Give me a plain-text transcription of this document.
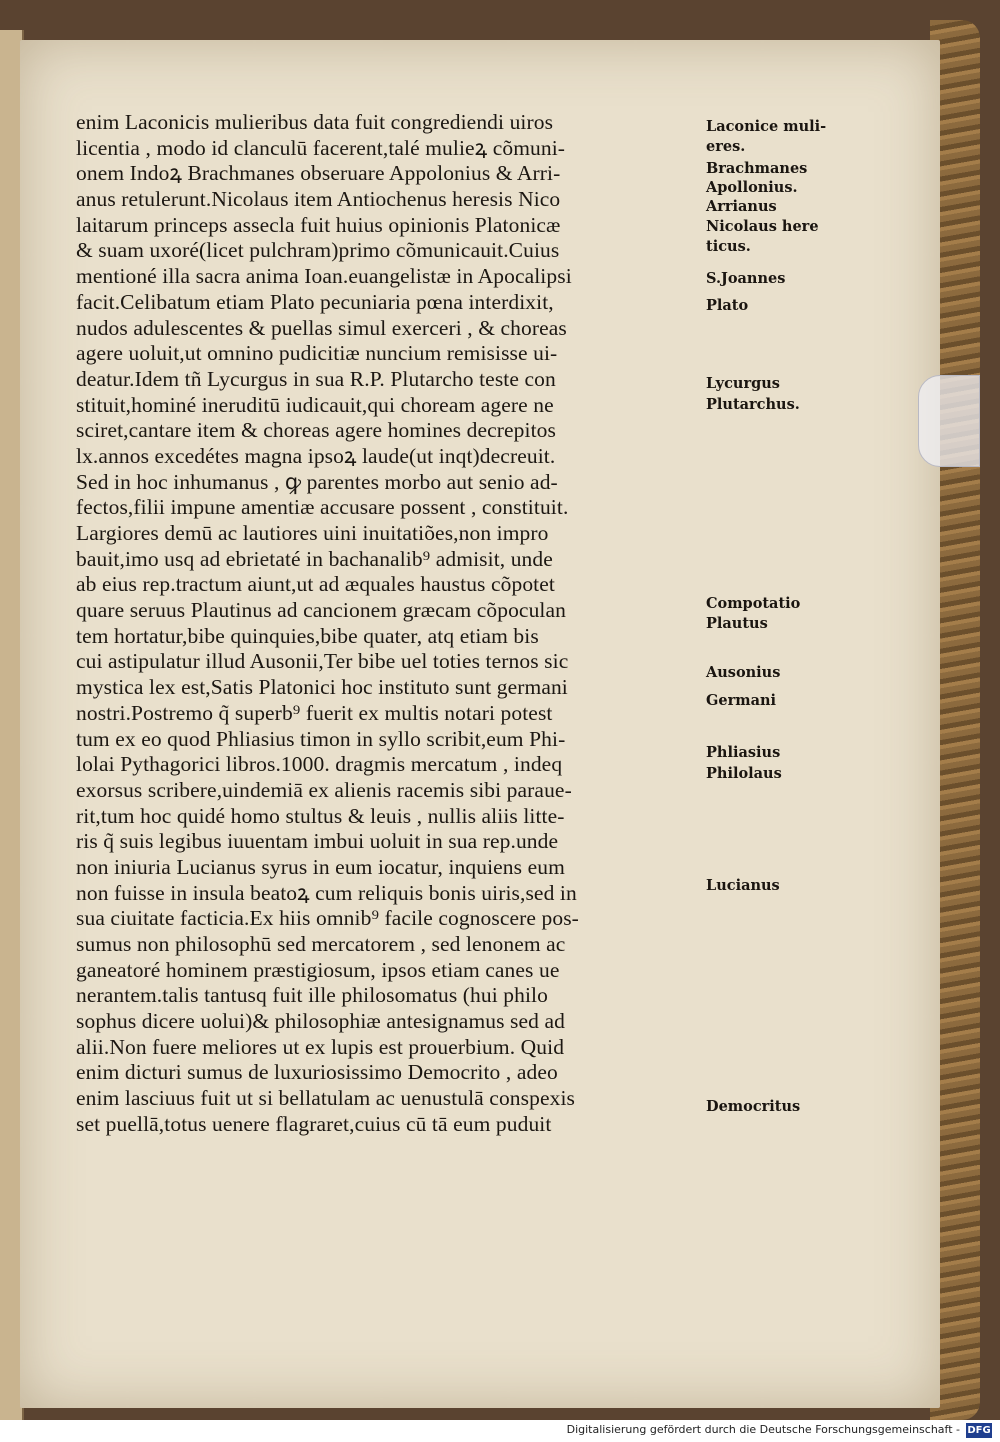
enim Laconicis mulieribus data fuit congrediendi uiros
licentia , modo id clanculū facerent,talé mulieꝝ cõmuni-
onem Indoꝝ Brachmanes obseruare Appolonius & Arri-
anus retulerunt.Nicolaus item Antiochenus heresis Nico
laitarum princeps assecla fuit huius opinionis Platonicæ
& suam uxoré(licet pulchram)primo cõmunicauit.Cuius
mentioné illa sacra anima Ioan.euangelistæ in Apocalipsi
facit.Celibatum etiam Plato pecuniaria pœna interdixit,
nudos adulescentes & puellas simul exerceri , & choreas
agere uoluit,ut omnino pudicitiæ nuncium remisisse ui-
deatur.Idem tñ Lycurgus in sua R.P. Plutarcho teste con
stituit,hominé ineruditū iudicauit,qui choream agere ne
sciret,cantare item & choreas agere homines decrepitos
lx.annos excedétes magna ipsoꝝ laude(ut inqt)decreuit.
Sed in hoc inhumanus , ꝙ parentes morbo aut senio ad-
fectos,filii impune amentiæ accusare possent , constituit.
Largiores demū ac lautiores uini inuitatiões,non impro
bauit,imo usq ad ebrietaté in bachanalib⁹ admisit, unde
ab eius rep.tractum aiunt,ut ad æquales haustus cõpotet
quare seruus Plautinus ad cancionem græcam cõpoculan
tem hortatur,bibe quinquies,bibe quater, atq etiam bis
cui astipulatur illud Ausonii,Ter bibe uel toties ternos sic
mystica lex est,Satis Platonici hoc instituto sunt germani
nostri.Postremo q̃ superb⁹ fuerit ex multis notari potest
tum ex eo quod Phliasius timon in syllo scribit,eum Phi-
lolai Pythagorici libros.1000. dragmis mercatum , indeq
exorsus scribere,uindemiā ex alienis racemis sibi paraue-
rit,tum hoc quidé homo stultus & leuis , nullis aliis litte-
ris q̃ suis legibus iuuentam imbui uoluit in sua rep.unde
non iniuria Lucianus syrus in eum iocatur, inquiens eum
non fuisse in insula beatoꝝ cum reliquis bonis uiris,sed in
sua ciuitate facticia.Ex hiis omnib⁹ facile cognoscere pos-
sumus non philosophū sed mercatorem , sed lenonem ac
ganeatoré hominem præstigiosum, ipsos etiam canes ue
nerantem.talis tantusq fuit ille philosomatus (hui philo
sophus dicere uolui)& philosophiæ antesignamus sed ad
alii.Non fuere meliores ut ex lupis est prouerbium. Quid
enim dicturi sumus de luxuriosissimo Democrito , adeo
enim lasciuus fuit ut si bellatulam ac uenustulā conspexis
set puellā,totus uenere flagraret,cuius cū tā eum puduit
Laconice muli-
eres.
Brachmanes
Apollonius.
Arrianus
Nicolaus here
ticus.
S.Joannes
Plato
Lycurgus
Plutarchus.
Compotatio
Plautus
Ausonius
Germani
Phliasius
Philolaus
Lucianus
Democritus
Digitalisierung gefördert durch die Deutsche Forschungsgemeinschaft - DFG
